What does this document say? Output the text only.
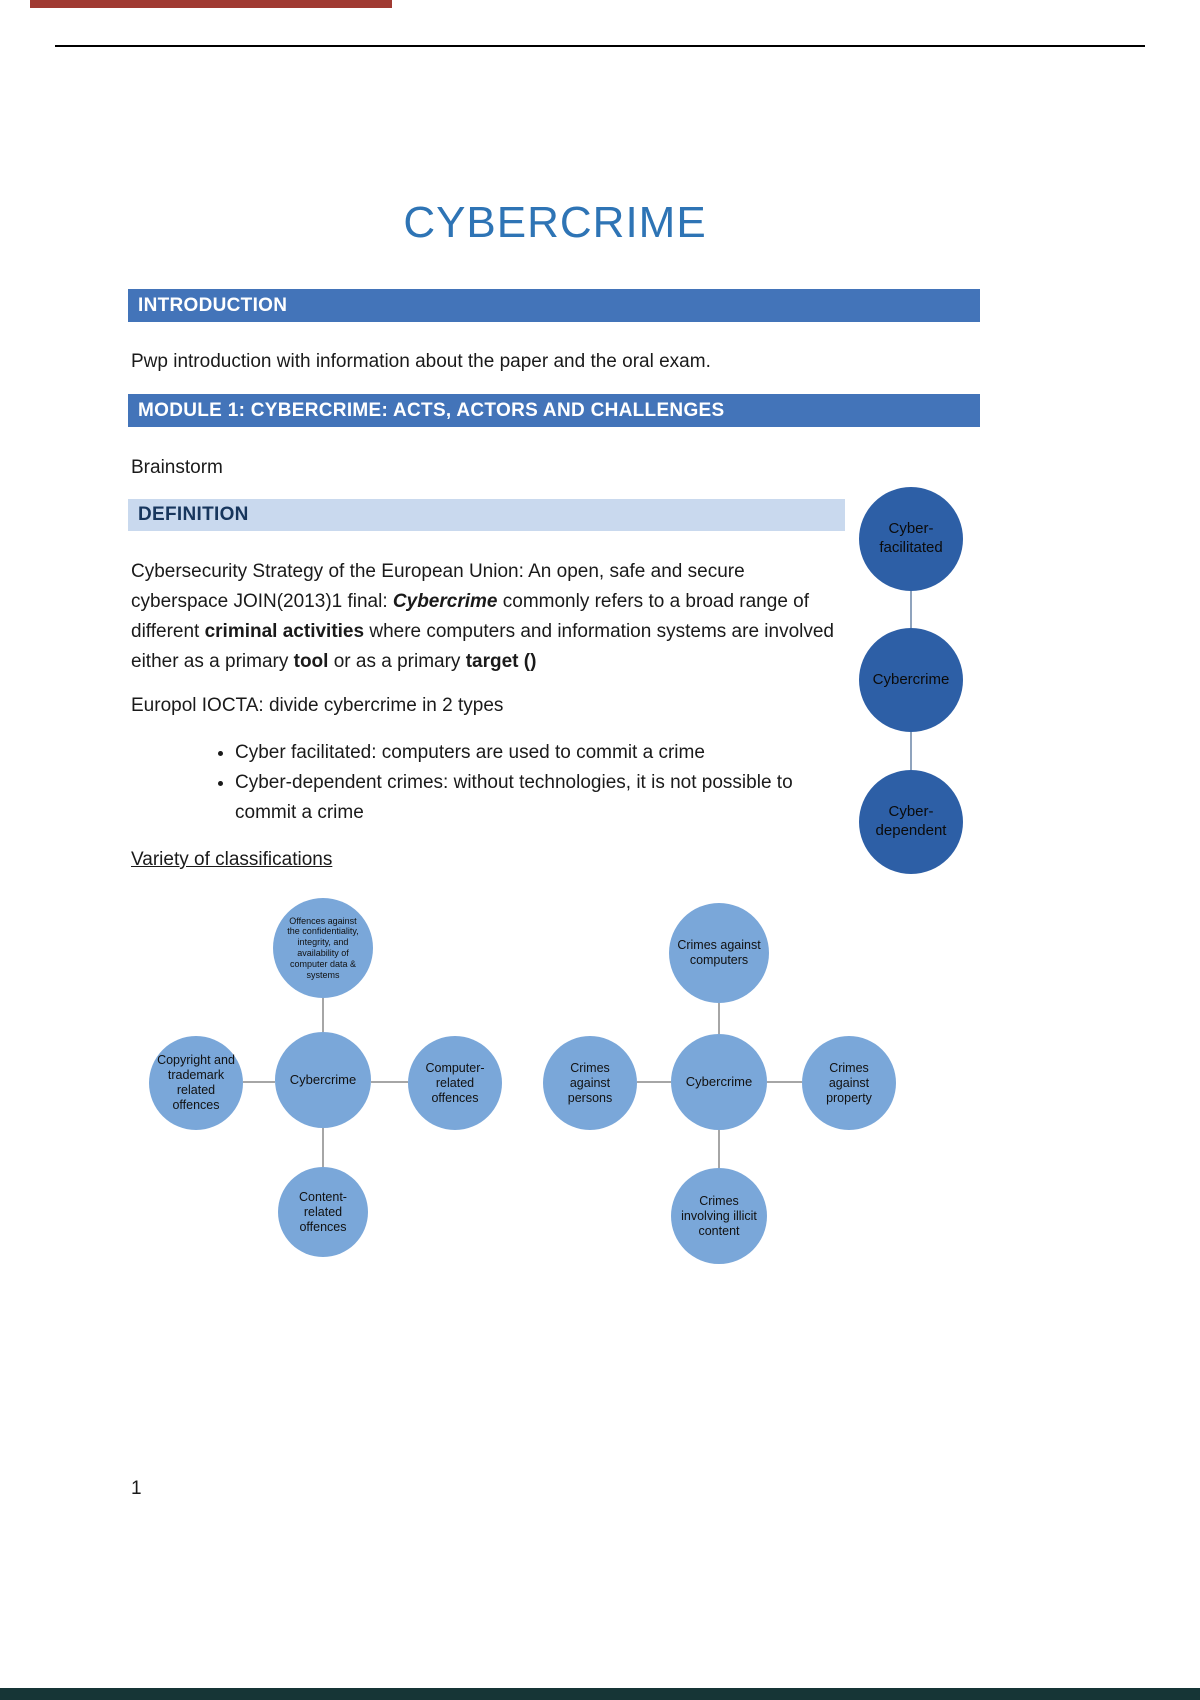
CYBERCRIME
INTRODUCTION

Pwp introduction with information about the paper and the oral exam.

MODULE 1: CYBERCRIME: ACTS, ACTORS AND CHALLENGES

Brainstorm

DEFINITION

Cybersecurity Strategy of the European Union: An open, safe and secure cyberspace JOIN(2013)1 final: Cybercrime commonly refers to a broad range of different criminal activities where computers and information systems are involved either as a primary tool or as a primary target ()

Europol IOCTA: divide cybercrime in 2 types

• Cyber facilitated: computers are used to commit a crime
• Cyber-dependent crimes: without technologies, it is not possible to commit a crime

Variety of classifications

Cyber-facilitated
Cybercrime
Cyber-dependent
Offences against the confidentiality, integrity, and availability of computer data & systems
Copyright and trademark related offences
Cybercrime
Computer-related offences
Content-related offences
Crimes against computers
Crimes against persons
Cybercrime
Crimes against property
Crimes involving illicit content
1
